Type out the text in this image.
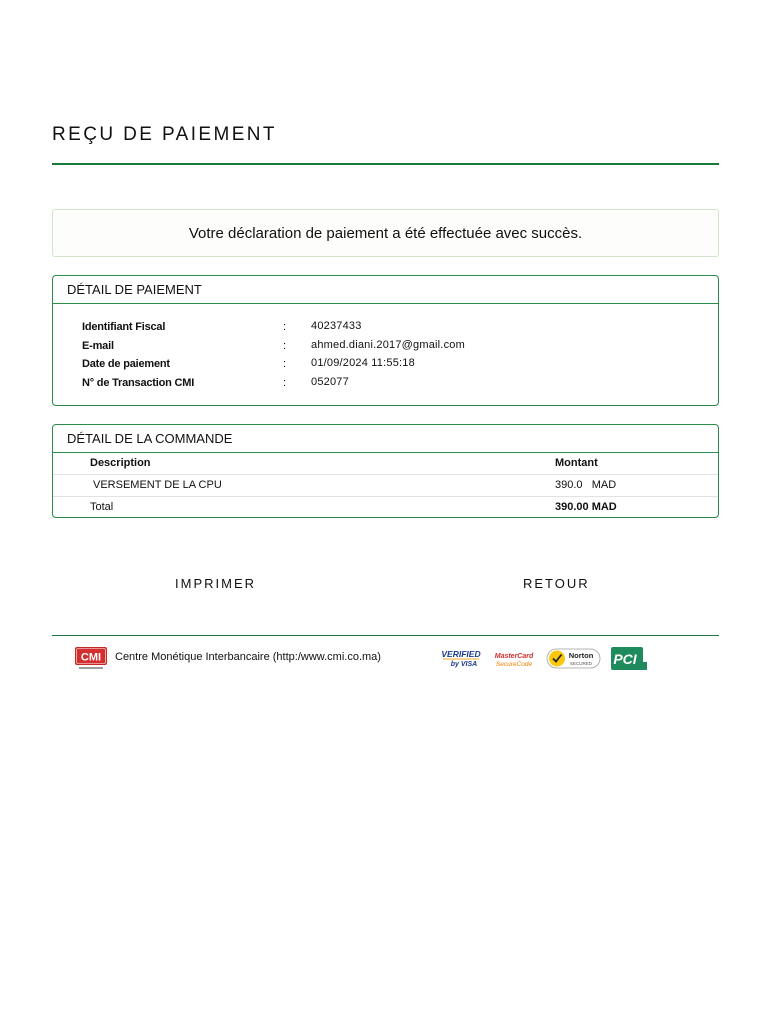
REÇU DE PAIEMENT
Votre déclaration de paiement a été effectuée avec succès.
DÉTAIL DE PAIEMENT
Identifiant Fiscal	: 40237433
E-mail	: ahmed.diani.2017@gmail.com
Date de paiement	: 01/09/2024 11:55:18
N° de Transaction CMI	: 052077
DÉTAIL DE LA COMMANDE
Description	Montant
VERSEMENT DE LA CPU	390.0   MAD
Total	390.00 MAD
IMPRIMER	RETOUR
CMI Centre Monétique Interbancaire (http:/www.cmi.co.ma)	VERIFIED
by VISA
MasterCard
SecureCode
Norton
SECURED PCI
